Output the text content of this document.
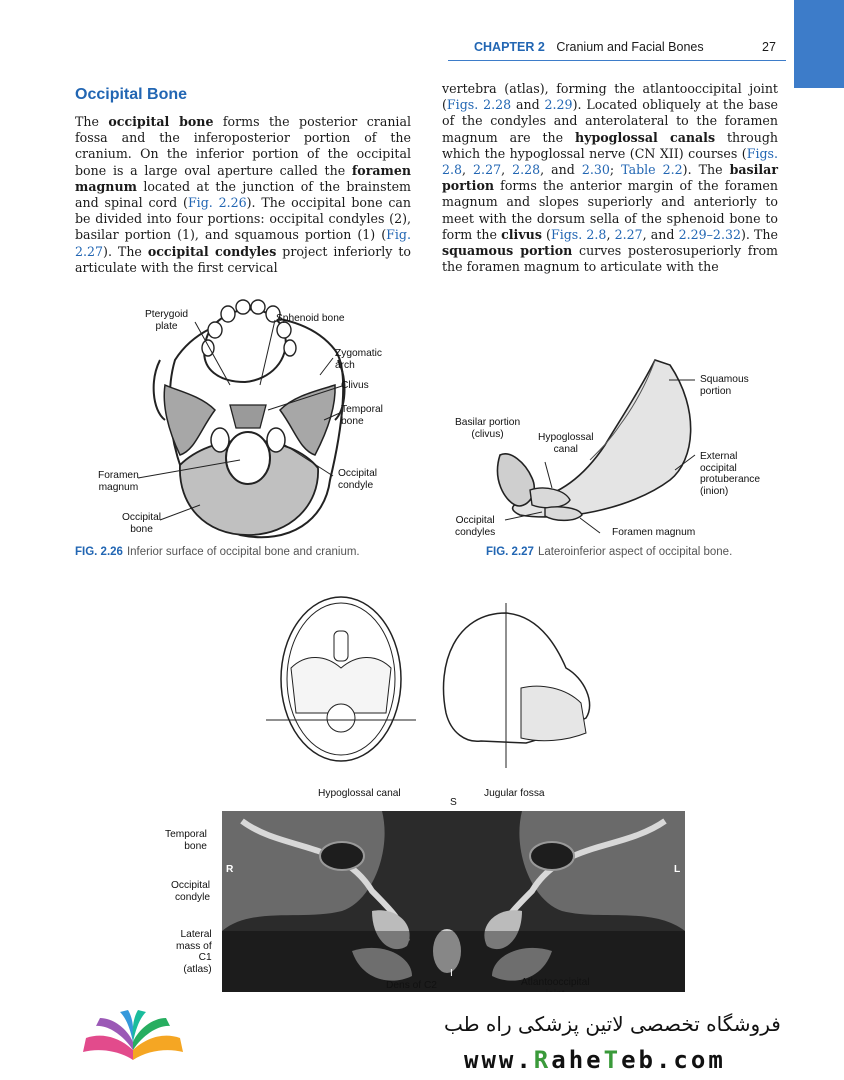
CHAPTER 2 Cranium and Facial Bones	27
Occipital Bone
The occipital bone forms the posterior cranial fossa and the inferoposterior portion of the cranium. On the inferior portion of the occipital bone is a large oval aperture called the foramen magnum located at the junction of the brainstem and spinal cord (Fig. 2.26). The occipital bone can be divided into four portions: occipital condyles (2), basilar portion (1), and squamous portion (1) (Fig. 2.27). The occipital condyles project inferiorly to articulate with the first cervical
vertebra (atlas), forming the atlantooccipital joint (Figs. 2.28 and 2.29). Located obliquely at the base of the condyles and anterolateral to the foramen magnum are the hypoglossal canals through which the hypoglossal nerve (CN XII) courses (Figs. 2.8, 2.27, 2.28, and 2.30; Table 2.2). The basilar portion forms the anterior margin of the foramen magnum and slopes superiorly and anteriorly to meet with the dorsum sella of the sphenoid bone to form the clivus (Figs. 2.8, 2.27, and 2.29–2.32). The squamous portion curves posterosuperiorly from the foramen magnum to articulate with the
Pterygoid
plate
Sphenoid bone
Zygomatic
arch
Clivus
Temporal
bone
Foramen
magnum
Occipital
condyle
Occipital
bone
FIG. 2.26 Inferior surface of occipital bone and cranium.
Squamous
portion
Basilar portion
(clivus)	Hypoglossal
canal
External
occipital
protuberance
(inion)
Occipital
condyles	Foramen magnum
FIG. 2.27 Lateroinferior aspect of occipital bone.
Hypoglossal canal
S
Jugular fossa
Temporal
bone
R	L
Occipital
condyle
Lateral
mass of
C1
(atlas)	I
Dens of C2	Atlantooccipital

فروشگاه تخصصی لاتین پزشکی راه طب
www.RaheTeb.com
